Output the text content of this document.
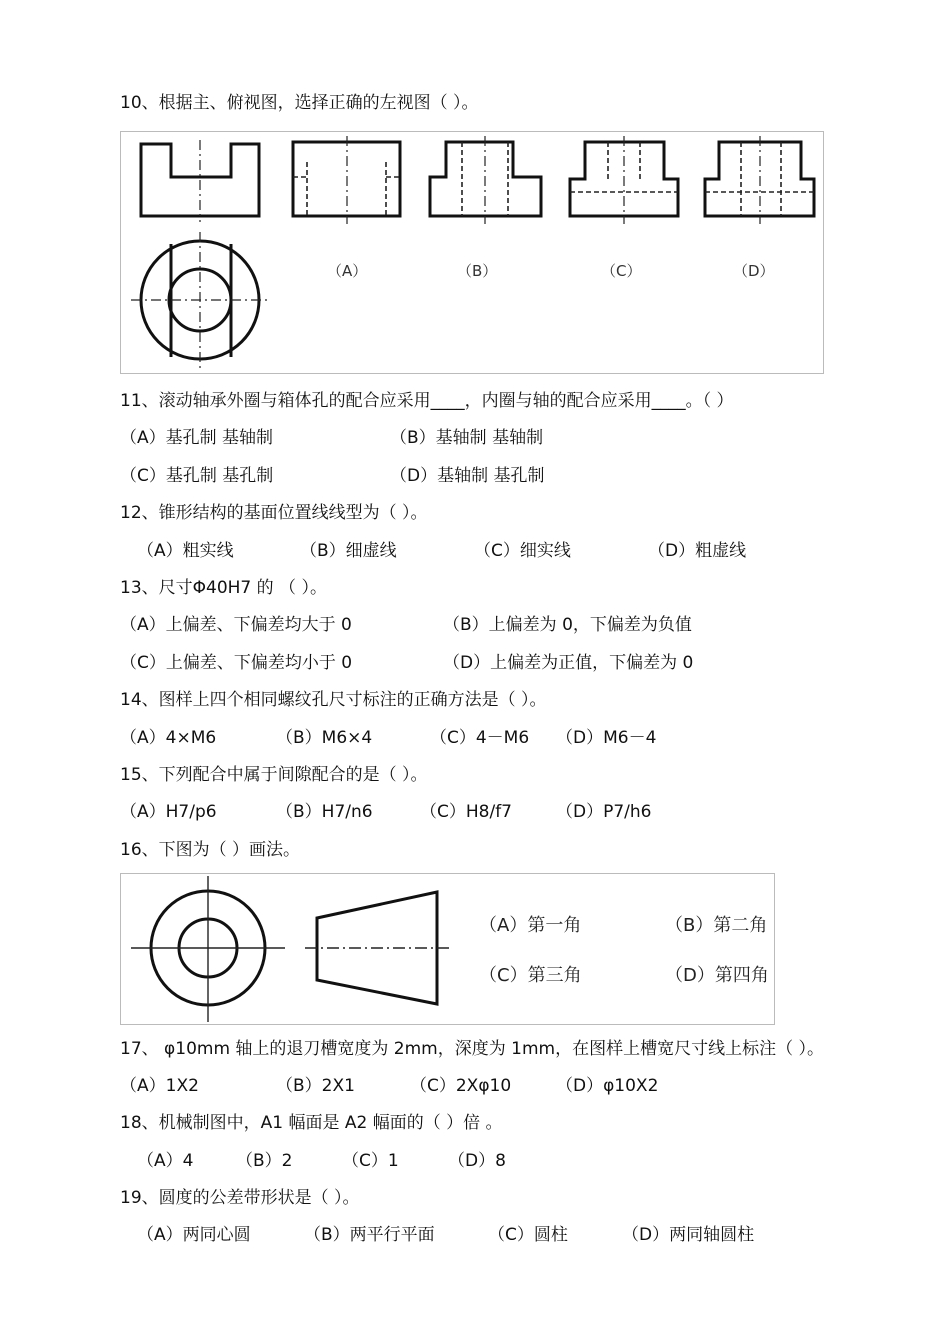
10、根据主、俯视图，选择正确的左视图（ ）。
（A）	（B）	（C）	（D）
11、滚动轴承外圈与箱体孔的配合应采用____，内圈与轴的配合应采用____。（ ）
（A）基孔制 基轴制	（B）基轴制 基轴制
（C）基孔制 基孔制	（D）基轴制 基孔制
12、锥形结构的基面位置线线型为（ ）。
（A）粗实线	（B）细虚线	（C）细实线	（D）粗虚线
13、尺寸Φ40H7 的 （ ）。
（A）上偏差、下偏差均大于 0	（B）上偏差为 0，下偏差为负值
（C）上偏差、下偏差均小于 0	（D）上偏差为正值，下偏差为 0
14、图样上四个相同螺纹孔尺寸标注的正确方法是（ ）。
（A）4×M6	（B）M6×4	（C）4－M6 （D）M6－4
15、下列配合中属于间隙配合的是（ ）。
（A）H7/p6	（B）H7/n6	（C）H8/f7	（D）P7/h6
16、下图为（ ）画法。
（A）第一角	（B）第二角
（C）第三角	（D）第四角
17、 φ10mm 轴上的退刀槽宽度为 2mm，深度为 1mm，在图样上槽宽尺寸线上标注（ ）。
（A）1X2	（B）2X1	（C）2Xφ10	（D）φ10X2
18、机械制图中，A1 幅面是 A2 幅面的（ ）倍 。
（A）4	（B）2	（C）1	（D）8
19、圆度的公差带形状是（ ）。
（A）两同心圆	（B）两平行平面	（C）圆柱	（D）两同轴圆柱
